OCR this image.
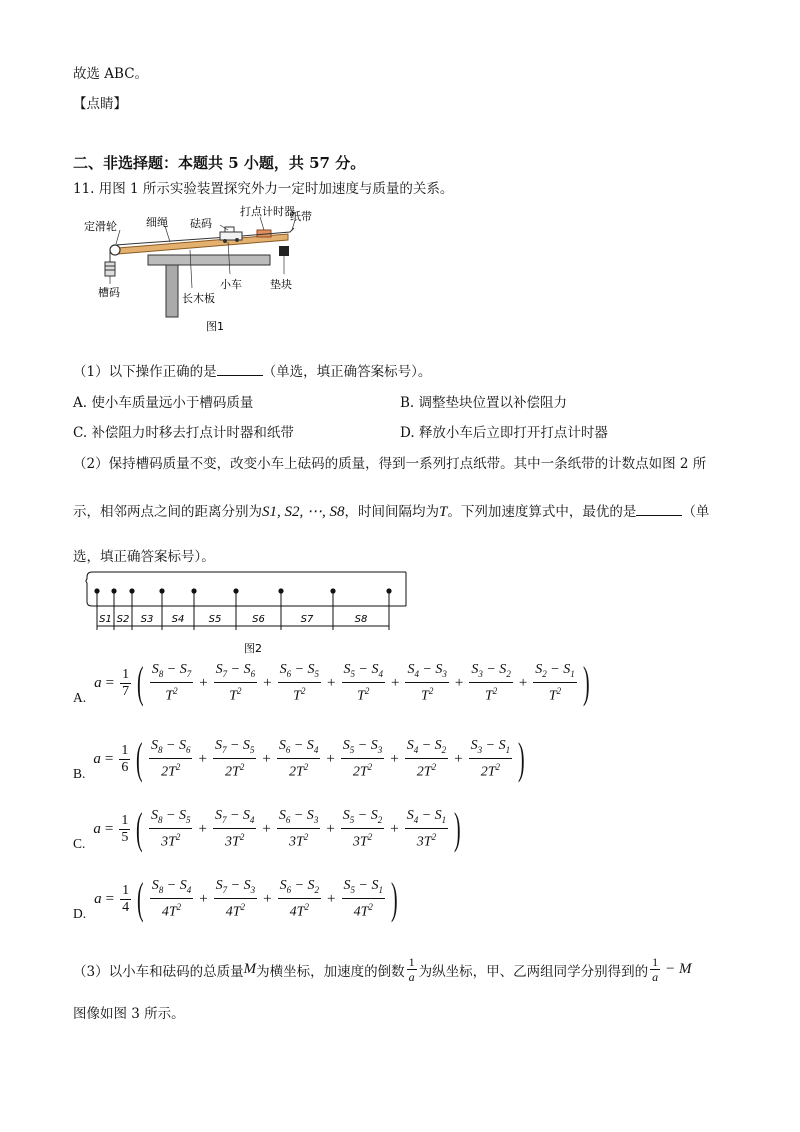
故选 ABC。
【点睛】
二、非选择题：本题共 5 小题，共 57 分。
11. 用图 1 所示实验装置探究外力一定时加速度与质量的关系。
定滑轮	细绳 砝码
打点计时器
纸带
槽码	长木板
小车	垫块
图1
（1）以下操作正确的是	（单选，填正确答案标号）。
A. 使小车质量远小于槽码质量	B. 调整垫块位置以补偿阻力
C. 补偿阻力时移去打点计时器和纸带	D. 释放小车后立即打开打点计时器
（2）保持槽码质量不变，改变小车上砝码的质量，得到一系列打点纸带。其中一条纸带的计数点如图 2 所
示，相邻两点之间的距离分别为S1, S2, ⋯, S8，时间间隔均为T。下列加速度算式中，最优的是	（单
选，填正确答案标号）。
S1 S2 S3 S4 S5	S6	S7	S8
图2
A.
$a = \frac{1}{7}$ ( $\frac{S_8 - S_7}{T^2} + \frac{S_7 - S_6}{T^2} + \frac{S_6 - S_5}{T^2} + \frac{S_5 - S_4}{T^2} + \frac{S_4 - S_3}{T^2} + \frac{S_3 - S_2}{T^2} + \frac{S_2 - S_1}{T^2}$ )
B.
$a = \frac{1}{6}$ ( $\frac{S_8 - S_6}{2T^2} + \frac{S_7 - S_5}{2T^2} + \frac{S_6 - S_4}{2T^2} + \frac{S_5 - S_3}{2T^2} + \frac{S_4 - S_2}{2T^2} + \frac{S_3 - S_1}{2T^2}$ )
C.
$a = \frac{1}{5}$ ( $\frac{S_8 - S_5}{3T^2} + \frac{S_7 - S_4}{3T^2} + \frac{S_6 - S_3}{3T^2} + \frac{S_5 - S_2}{3T^2} + \frac{S_4 - S_1}{3T^2}$ )
D.
$a = \frac{1}{4}$ ( $\frac{S_8 - S_4}{4T^2} + \frac{S_7 - S_3}{4T^2} + \frac{S_6 - S_2}{4T^2} + \frac{S_5 - S_1}{4T^2}$ )
（3）以小车和砝码的总质量 M 为横坐标，加速度的倒数 $\frac{1}{a}$ 为纵坐标，甲、乙两组同学分别得到的 $\frac{1}{a} - M$
图像如图 3 所示。
